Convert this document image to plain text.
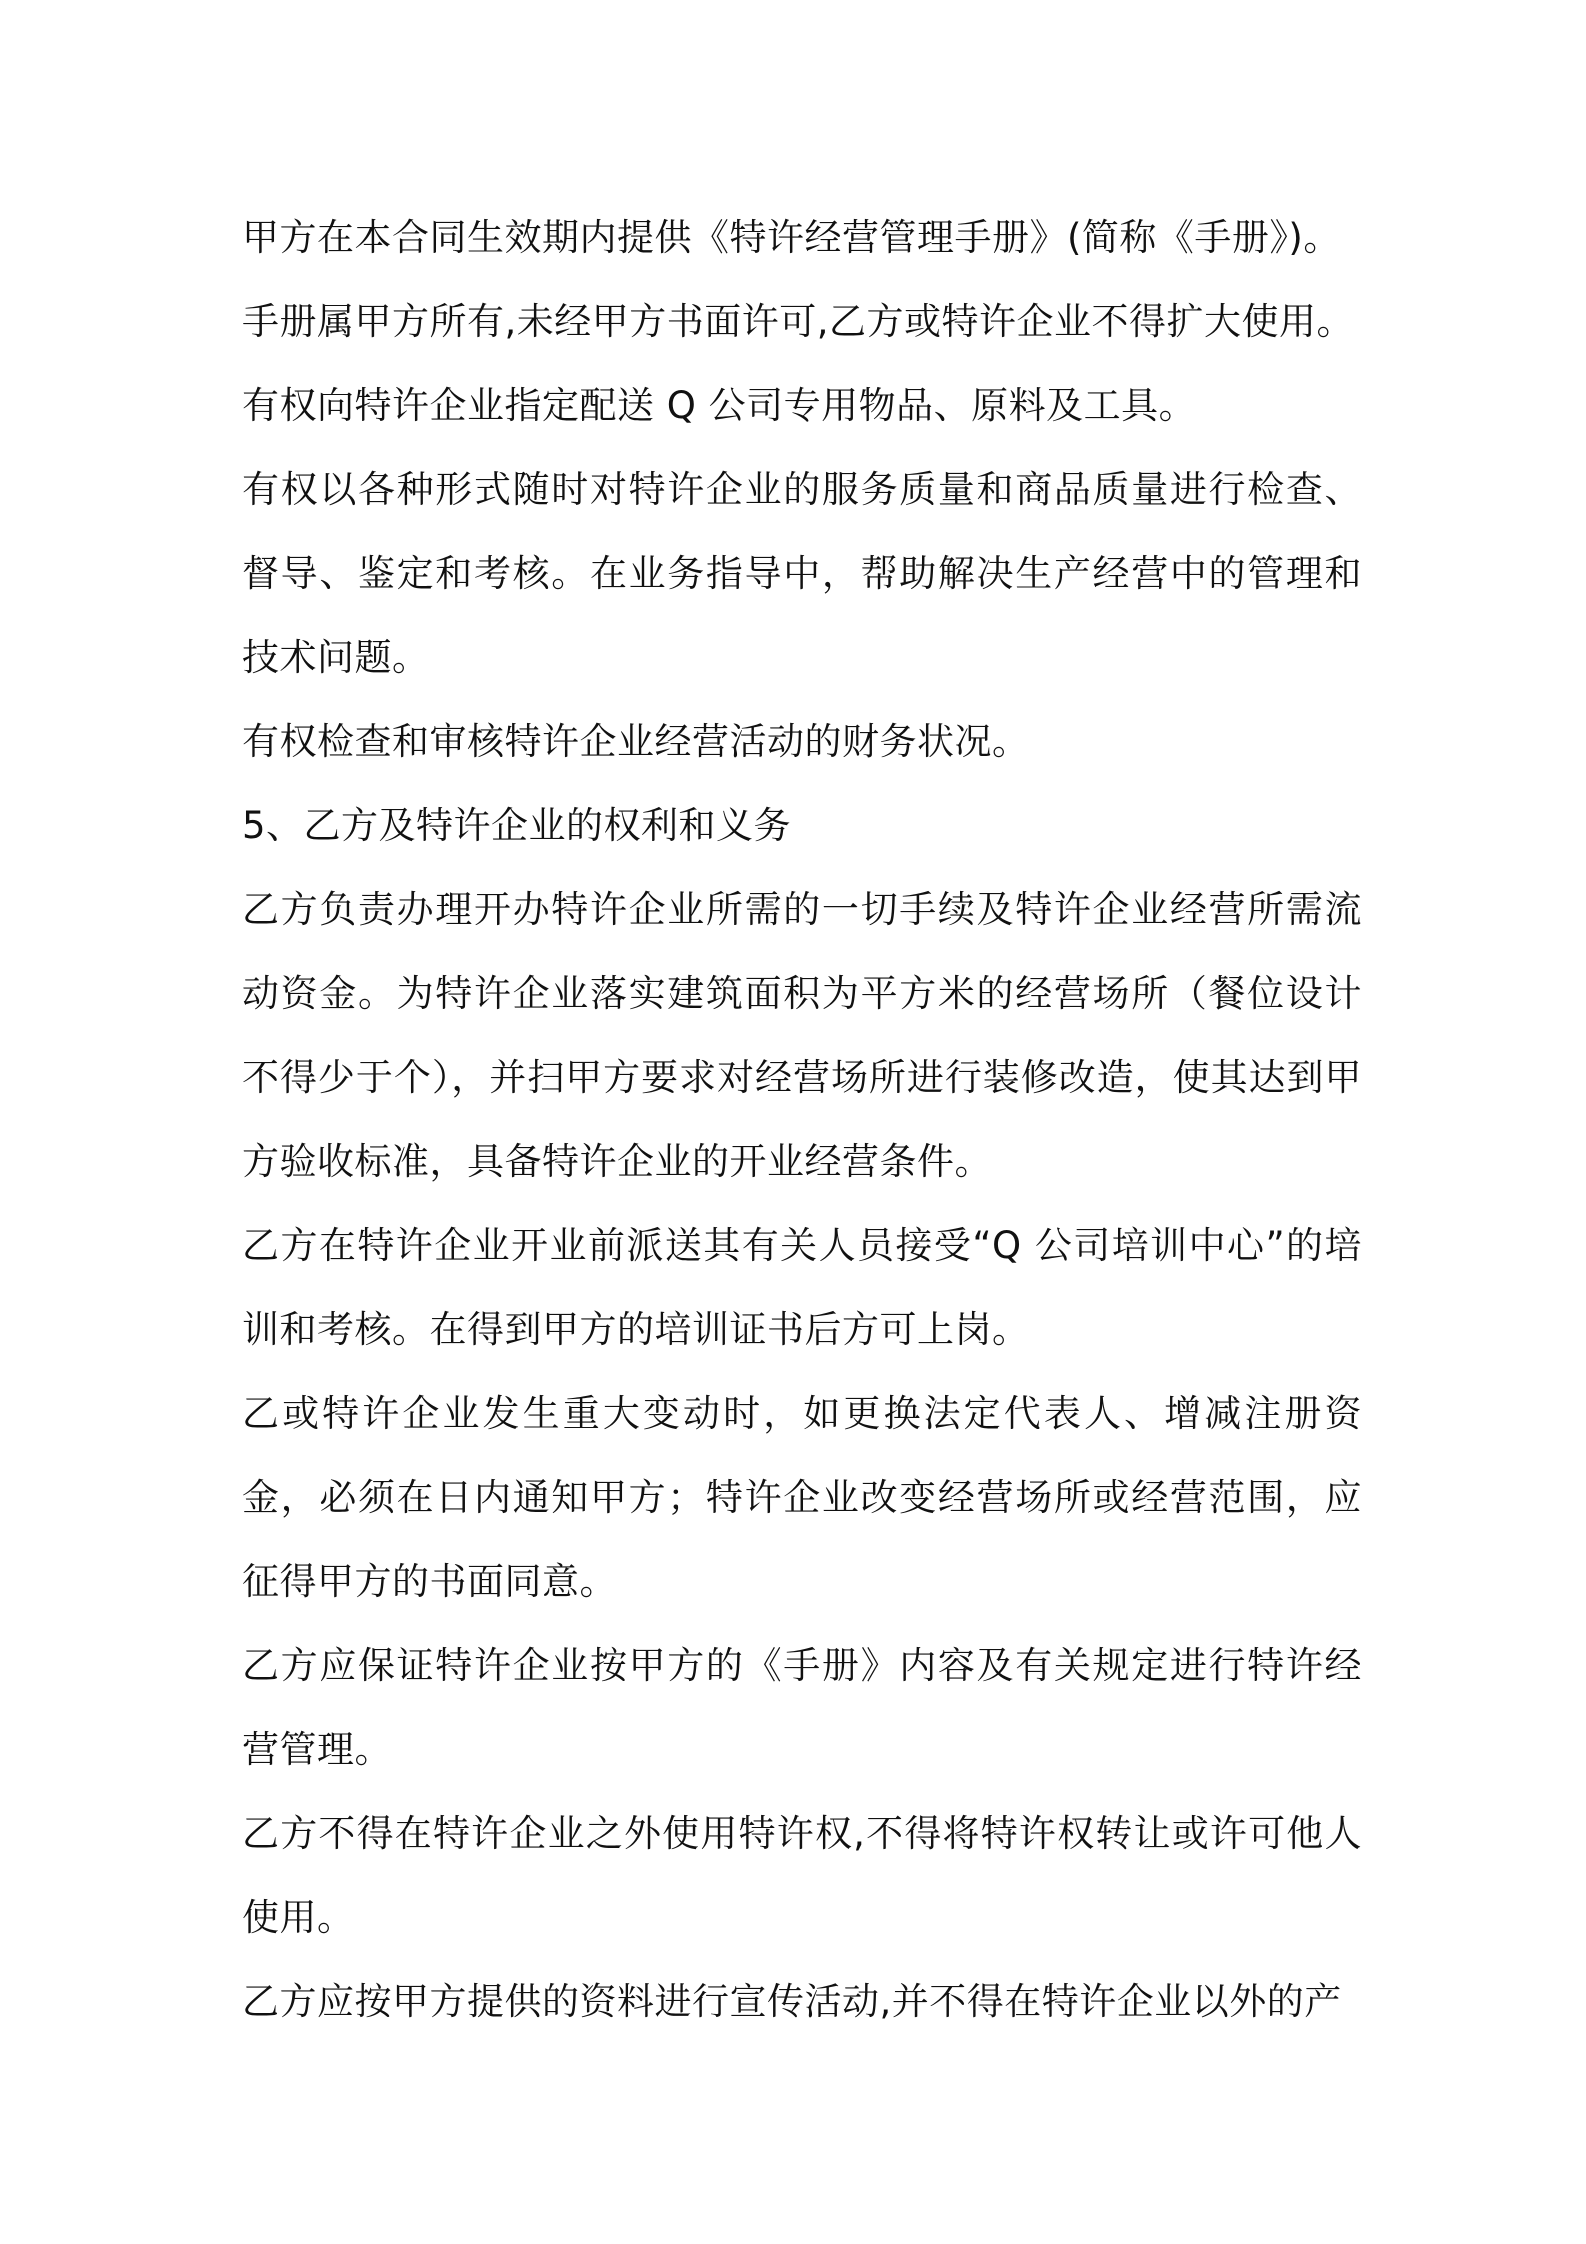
甲方在本合同生效期内提供《特许经营管理手册》(简称《手册》)。

手册属甲方所有,未经甲方书面许可,乙方或特许企业不得扩大使用。

有权向特许企业指定配送 Q 公司专用物品、原料及工具。

有权以各种形式随时对特许企业的服务质量和商品质量进行检查、督导、鉴定和考核。在业务指导中，帮助解决生产经营中的管理和技术问题。

有权检查和审核特许企业经营活动的财务状况。

5、乙方及特许企业的权利和义务

乙方负责办理开办特许企业所需的一切手续及特许企业经营所需流动资金。为特许企业落实建筑面积为平方米的经营场所（餐位设计不得少于个），并扫甲方要求对经营场所进行装修改造，使其达到甲方验收标准，具备特许企业的开业经营条件。

乙方在特许企业开业前派送其有关人员接受“Q 公司培训中心”的培训和考核。在得到甲方的培训证书后方可上岗。

乙或特许企业发生重大变动时，如更换法定代表人、增减注册资金，必须在日内通知甲方；特许企业改变经营场所或经营范围，应征得甲方的书面同意。

乙方应保证特许企业按甲方的《手册》内容及有关规定进行特许经营管理。

乙方不得在特许企业之外使用特许权,不得将特许权转让或许可他人使用。

乙方应按甲方提供的资料进行宣传活动,并不得在特许企业以外的产
